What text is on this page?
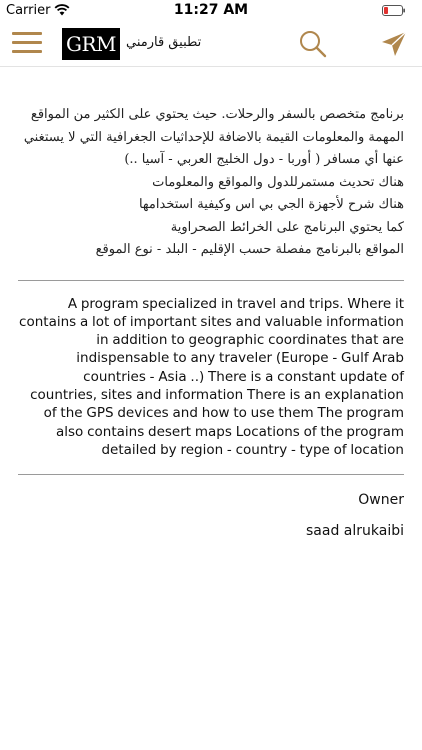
Carrier	11:27 AM
GRM تطبيق قارمني
برنامج متخصص بالسفر والرحلات. حيث يحتوي على الكثير من المواقع
المهمة والمعلومات القيمة بالاضافة للإحداثيات الجغرافية التي لا يستغني
عنها أي مسافر ( أوربا - دول الخليج العربي - آسيا ..)
هناك تحديث مستمرللدول والمواقع والمعلومات
هناك شرح لأجهزة الجي بي اس وكيفية استخدامها
كما يحتوي البرنامج على الخرائط الصحراوية
المواقع بالبرنامج مفصلة حسب الإقليم - البلد - نوع الموقع
A program specialized in travel and trips. Where it contains a lot of important sites and valuable information in addition to geographic coordinates that are indispensable to any traveler (Europe - Gulf Arab countries - Asia ..) There is a constant update of countries, sites and information There is an explanation of the GPS devices and how to use them The program also contains desert maps Locations of the program detailed by region - country - type of location
Owner
saad alrukaibi
